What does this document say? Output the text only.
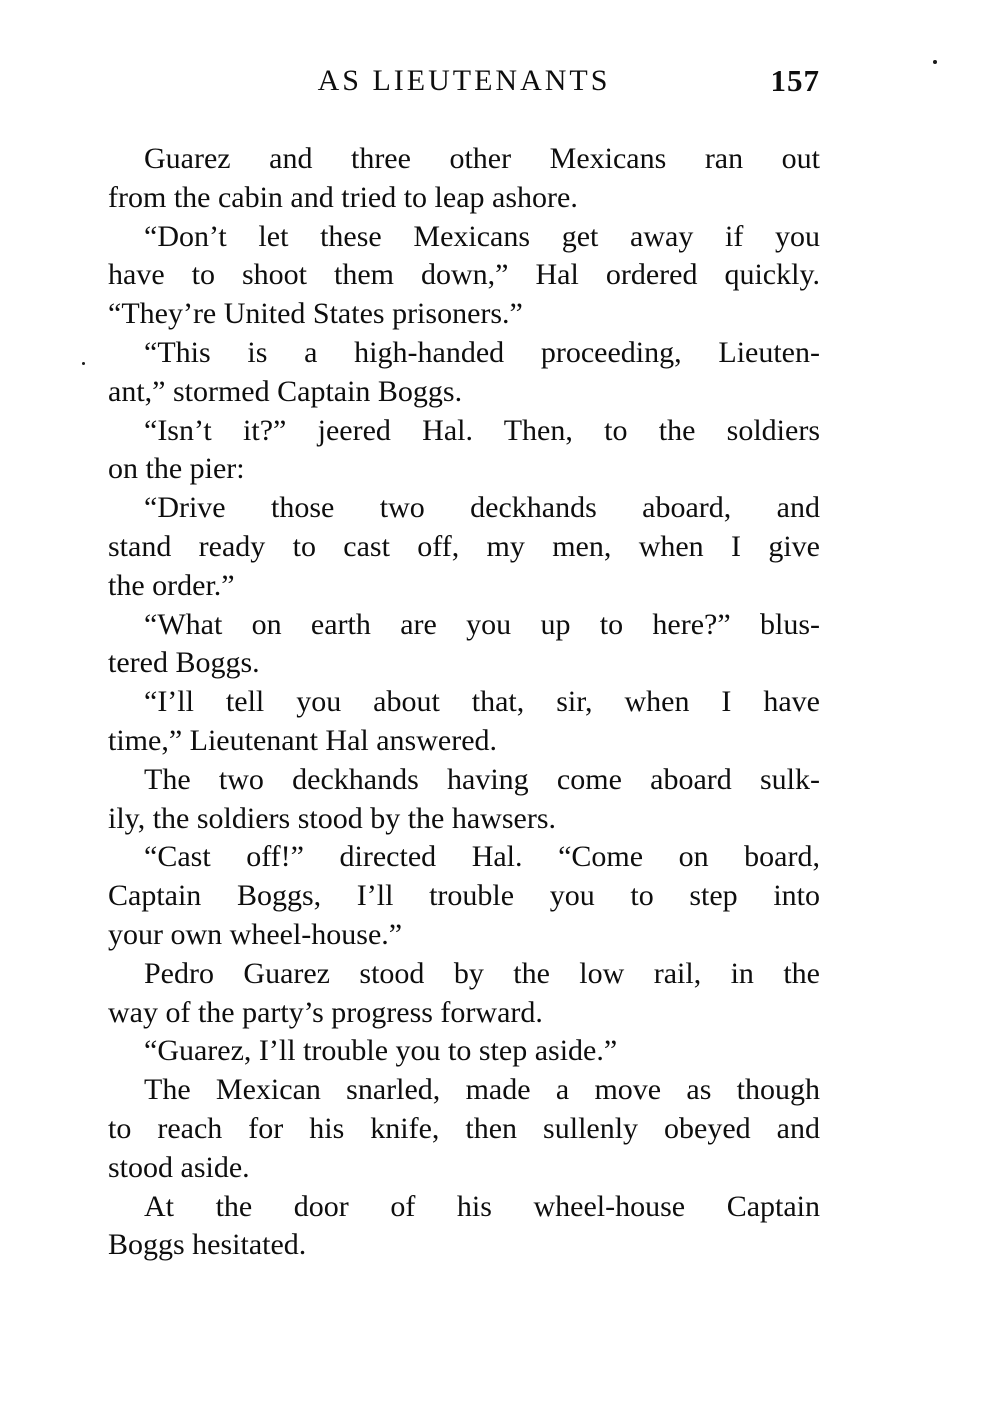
AS LIEUTENANTS	157
Guarez and three other Mexicans ran out
from the cabin and tried to leap ashore.
“Don’t let these Mexicans get away if you
have to shoot them down,” Hal ordered quickly.
“They’re United States prisoners.”
“This is a high-handed proceeding, Lieuten-
ant,” stormed Captain Boggs.
“Isn’t it?” jeered Hal. Then, to the soldiers
on the pier:
“Drive those two deckhands aboard, and
stand ready to cast off, my men, when I give
the order.”
“What on earth are you up to here?” blus-
tered Boggs.
“I’ll tell you about that, sir, when I have
time,” Lieutenant Hal answered.
The two deckhands having come aboard sulk-
ily, the soldiers stood by the hawsers.
“Cast off!” directed Hal. “Come on board,
Captain Boggs, I’ll trouble you to step into
your own wheel-house.”
Pedro Guarez stood by the low rail, in the
way of the party’s progress forward.
“Guarez, I’ll trouble you to step aside.”
The Mexican snarled, made a move as though
to reach for his knife, then sullenly obeyed and
stood aside.
At the door of his wheel-house Captain
Boggs hesitated.
